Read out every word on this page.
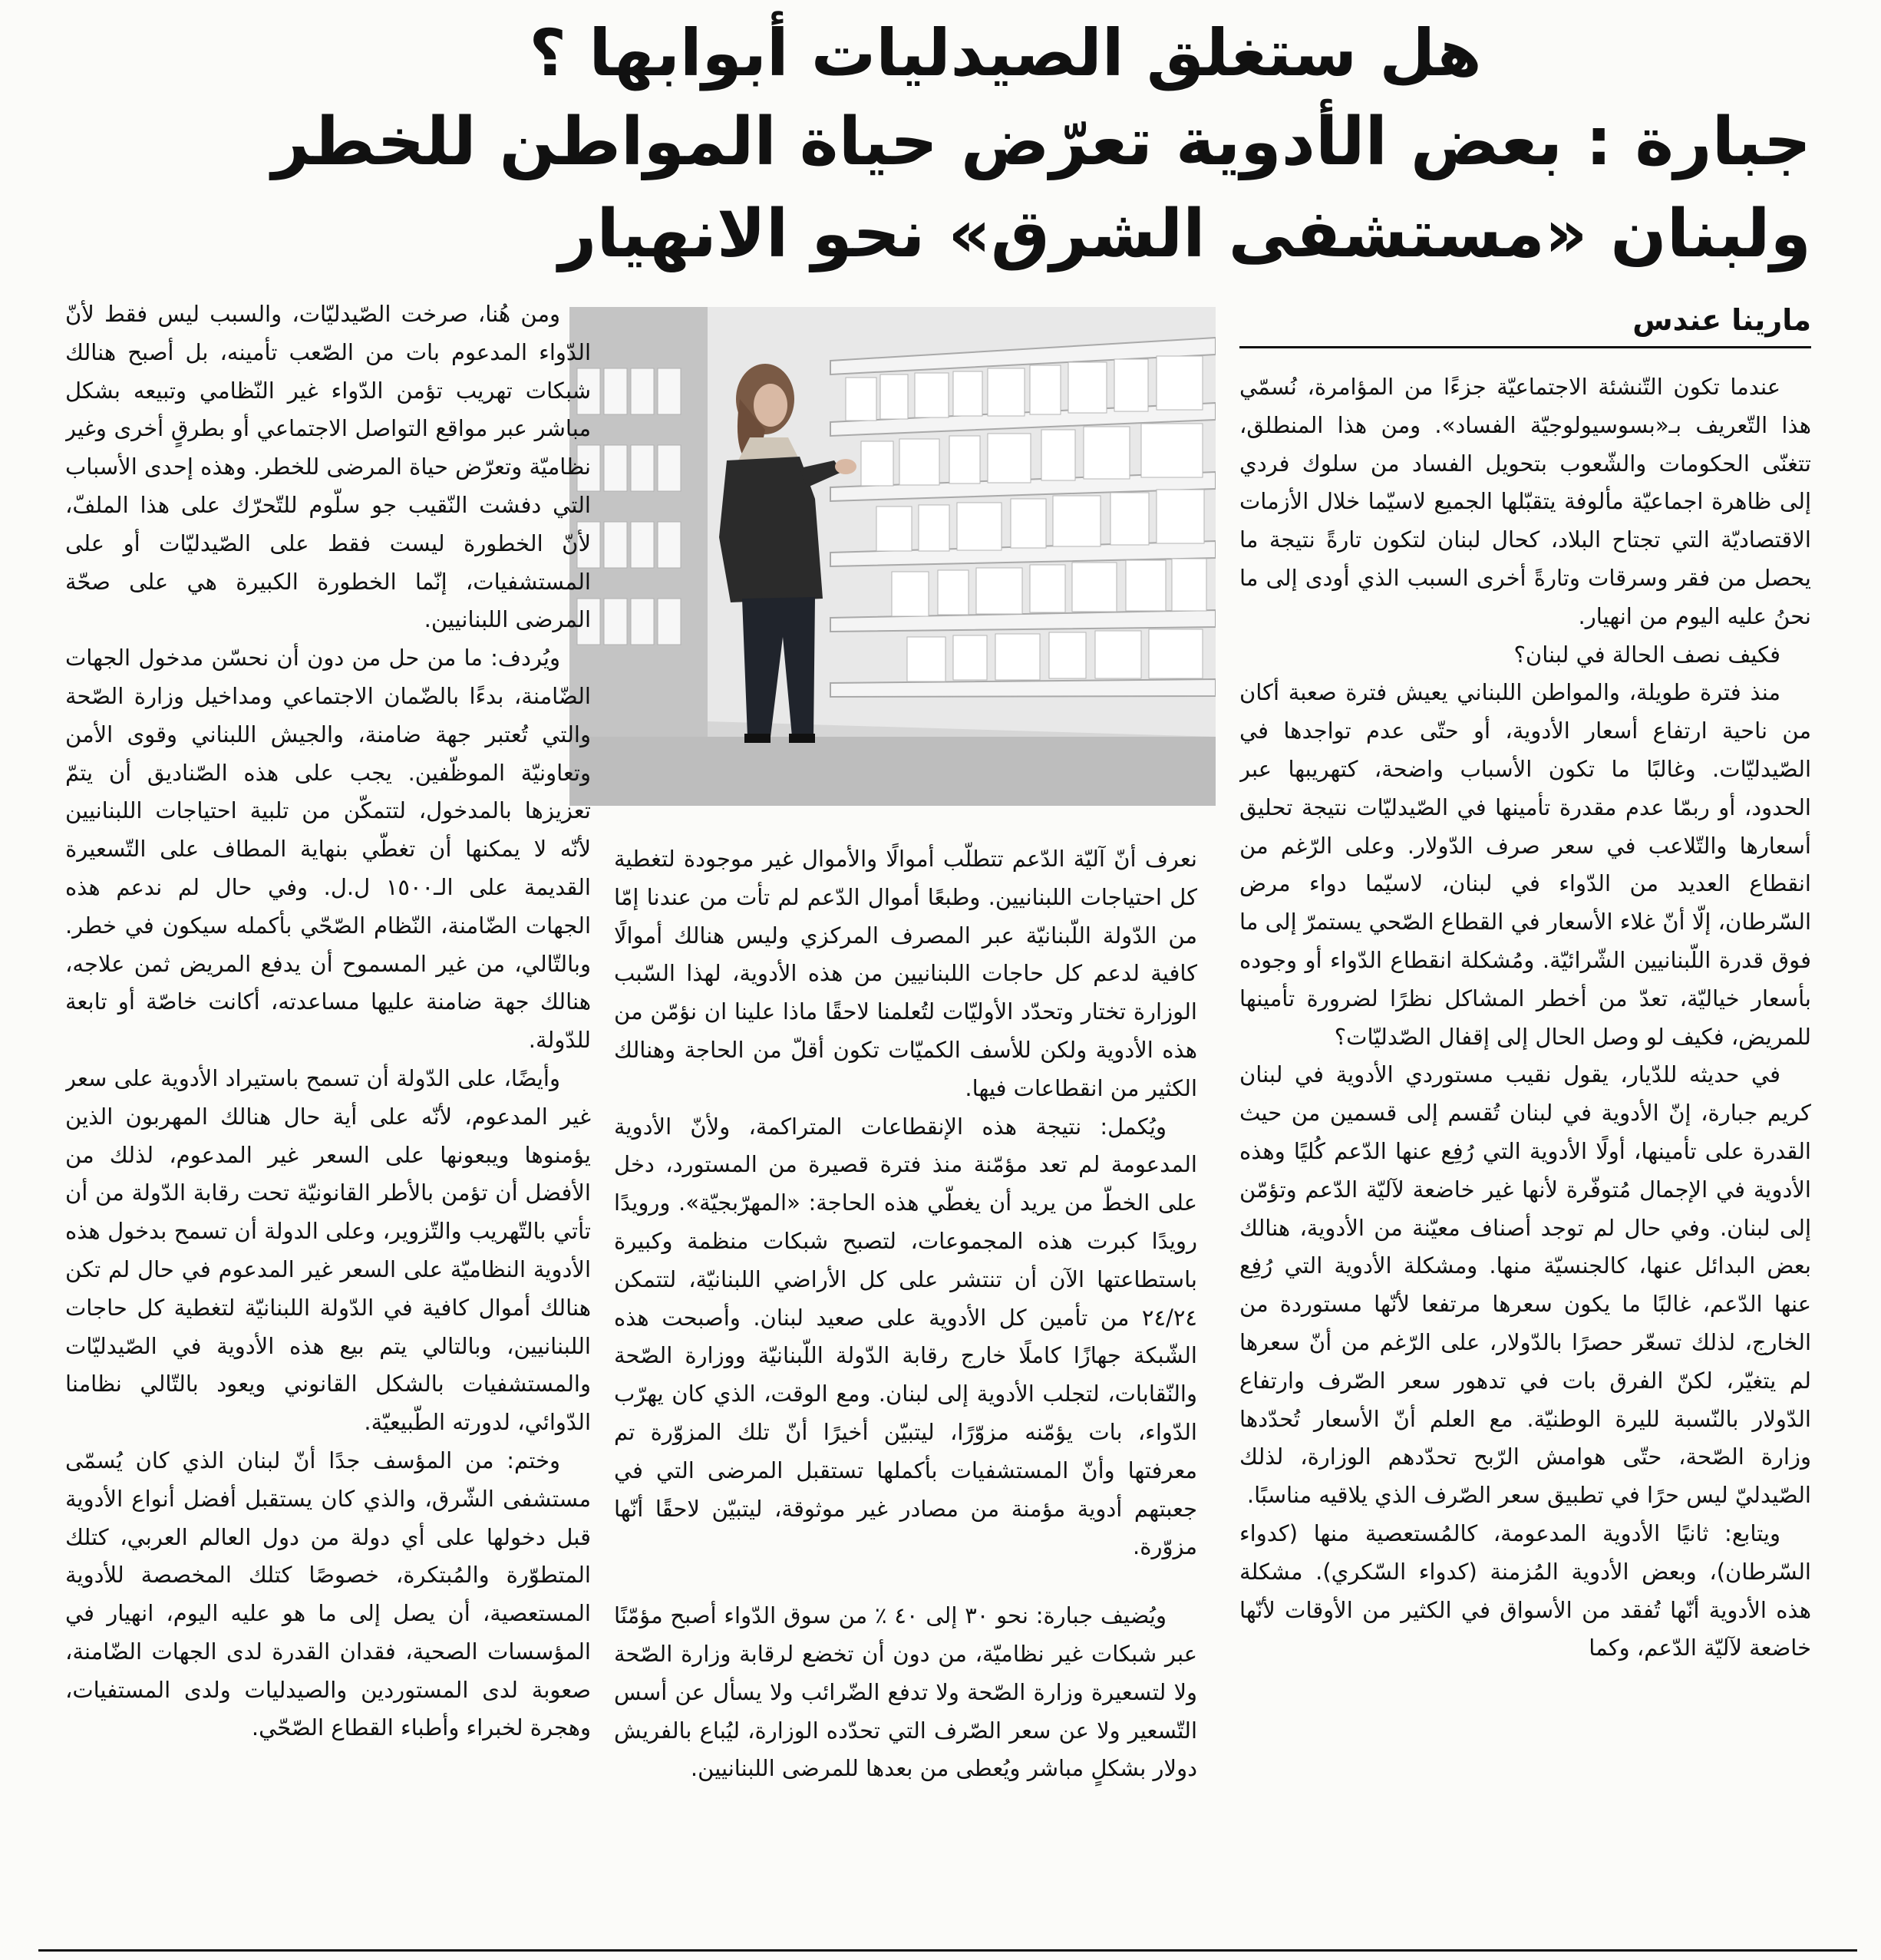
هل ستغلق الصيدليات أبوابها ؟
جبارة : بعض الأدوية تعرّض حياة المواطن للخطر
ولبنان «مستشفى الشرق» نحو الانهيار
مارينا عندس

عندما تكون التّنشئة الاجتماعيّة جزءًا من المؤامرة، نُسمّي هذا التّعريف بـ«بسوسيولوجيّة الفساد». ومن هذا المنطلق، تتغنّى الحكومات والشّعوب بتحويل الفساد من سلوك فردي إلى ظاهرة اجماعيّة مألوفة يتقبّلها الجميع لاسيّما خلال الأزمات الاقتصاديّة التي تجتاح البلاد، كحال لبنان لتكون تارةً نتيجة ما يحصل من فقر وسرقات وتارةً أخرى السبب الذي أودى إلى ما نحنُ عليه اليوم من انهيار.

فكيف نصف الحالة في لبنان؟

منذ فترة طويلة، والمواطن اللبناني يعيش فترة صعبة أكان من ناحية ارتفاع أسعار الأدوية، أو حتّى عدم تواجدها في الصّيدليّات. وغالبًا ما تكون الأسباب واضحة، كتهريبها عبر الحدود، أو ربمّا عدم مقدرة تأمينها في الصّيدليّات نتيجة تحليق أسعارها والتّلاعب في سعر صرف الدّولار. وعلى الرّغم من انقطاع العديد من الدّواء في لبنان، لاسيّما دواء مرض السّرطان، إلّا أنّ غلاء الأسعار في القطاع الصّحي يستمرّ إلى ما فوق قدرة اللّبنانيين الشّرائيّة. ومُشكلة انقطاع الدّواء أو وجوده بأسعار خياليّة، تعدّ من أخطر المشاكل نظرًا لضرورة تأمينها للمريض، فكيف لو وصل الحال إلى إقفال الصّدليّات؟

في حديثه للدّيار، يقول نقيب مستوردي الأدوية في لبنان كريم جبارة، إنّ الأدوية في لبنان تُقسم إلى قسمين من حيث القدرة على تأمينها، أولًا الأدوية التي رُفِع عنها الدّعم كُليًا وهذه الأدوية في الإجمال مُتوفّرة لأنها غير خاضعة لآليّة الدّعم وتؤمّن إلى لبنان. وفي حال لم توجد أصناف معيّنة من الأدوية، هنالك بعض البدائل عنها، كالجنسيّة منها. ومشكلة الأدوية التي رُفِع عنها الدّعم، غالبًا ما يكون سعرها مرتفعا لأنّها مستوردة من الخارج، لذلك تسعّر حصرًا بالدّولار، على الرّغم من أنّ سعرها لم يتغيّر، لكنّ الفرق بات في تدهور سعر الصّرف وارتفاع الدّولار بالنّسبة لليرة الوطنيّة. مع العلم أنّ الأسعار تُحدّدها وزارة الصّحة، حتّى هوامش الرّبح تحدّدهم الوزارة، لذلك الصّيدليّ ليس حرًا في تطبيق سعر الصّرف الذي يلاقيه مناسبًا.

ويتابع: ثانيًا الأدوية المدعومة، كالمُستعصية منها (كدواء السّرطان)، وبعض الأدوية المُزمنة (كدواء السّكري). مشكلة هذه الأدوية أنّها تُفقد من الأسواق في الكثير من الأوقات لأنّها خاضعة لآليّة الدّعم، وكما

نعرف أنّ آليّة الدّعم تتطلّب أموالًا والأموال غير موجودة لتغطية كل احتياجات اللبنانيين. وطبعًا أموال الدّعم لم تأت من عندنا إمّا من الدّولة اللّبنانيّة عبر المصرف المركزي وليس هنالك أموالًا كافية لدعم كل حاجات اللبنانيين من هذه الأدوية، لهذا السّبب الوزارة تختار وتحدّد الأوليّات لتُعلمنا لاحقًا ماذا علينا ان نؤمّن من هذه الأدوية ولكن للأسف الكميّات تكون أقلّ من الحاجة وهنالك الكثير من انقطاعات فيها.

ويُكمل: نتيجة هذه الإنقطاعات المتراكمة، ولأنّ الأدوية المدعومة لم تعد مؤمّنة منذ فترة قصيرة من المستورد، دخل على الخطّ من يريد أن يغطّي هذه الحاجة: «المهرّبجيّة». ورويدًا رويدًا كبرت هذه المجموعات، لتصبح شبكات منظمة وكبيرة باستطاعتها الآن أن تنتشر على كل الأراضي اللبنانيّة، لتتمكن ٢٤/٢٤ من تأمين كل الأدوية على صعيد لبنان. وأصبحت هذه الشّبكة جهازًا كاملًا خارج رقابة الدّولة اللّبنانيّة ووزارة الصّحة والنّقابات، لتجلب الأدوية إلى لبنان. ومع الوقت، الذي كان يهرّب الدّواء، بات يؤمّنه مزوّرًا، ليتبيّن أخيرًا أنّ تلك المزوّرة تم معرفتها وأنّ المستشفيات بأكملها تستقبل المرضى التي في جعبتهم أدوية مؤمنة من مصادر غير موثوقة، ليتبيّن لاحقًا أنّها مزوّرة.

ويُضيف جبارة: نحو ٣٠ إلى ٤٠ ٪ من سوق الدّواء أصبح مؤمّنًا عبر شبكات غير نظاميّة، من دون أن تخضع لرقابة وزارة الصّحة ولا لتسعيرة وزارة الصّحة ولا تدفع الضّرائب ولا يسأل عن أسس التّسعير ولا عن سعر الصّرف التي تحدّده الوزارة، ليُباع بالفريش دولار بشكلٍ مباشر ويُعطى من بعدها للمرضى اللبنانيين.

ومن هُنا، صرخت الصّيدليّات، والسبب ليس فقط لأنّ الدّواء المدعوم بات من الصّعب تأمينه، بل أصبح هنالك شبكات تهريب تؤمن الدّواء غير النّظامي وتبيعه بشكل مباشر عبر مواقع التواصل الاجتماعي أو بطرقٍ أخرى وغير نظاميّة وتعرّض حياة المرضى للخطر. وهذه إحدى الأسباب التي دفشت النّقيب جو سلّوم للتّحرّك على هذا الملفّ، لأنّ الخطورة ليست فقط على الصّيدليّات أو على المستشفيات، إنّما الخطورة الكبيرة هي على صحّة المرضى اللبنانيين.

ويُردف: ما من حل من دون أن نحسّن مدخول الجهات الضّامنة، بدءًا بالضّمان الاجتماعي ومداخيل وزارة الصّحة والتي تُعتبر جهة ضامنة، والجيش اللبناني وقوى الأمن وتعاونيّة الموظّفين. يجب على هذه الصّناديق أن يتمّ تعزيزها بالمدخول، لتتمكّن من تلبية احتياجات اللبنانيين لأنّه لا يمكنها أن تغطّي بنهاية المطاف على التّسعيرة القديمة على الـ١٥٠٠ ل.ل. وفي حال لم ندعم هذه الجهات الضّامنة، النّظام الصّحّي بأكمله سيكون في خطر. وبالتّالي، من غير المسموح أن يدفع المريض ثمن علاجه، هنالك جهة ضامنة عليها مساعدته، أكانت خاصّة أو تابعة للدّولة.

وأيضًا، على الدّولة أن تسمح باستيراد الأدوية على سعر غير المدعوم، لأنّه على أية حال هنالك المهربون الذين يؤمنوها ويبعونها على السعر غير المدعوم، لذلك من الأفضل أن تؤمن بالأطر القانونيّة تحت رقابة الدّولة من أن تأتي بالتّهريب والتّزوير، وعلى الدولة أن تسمح بدخول هذه الأدوية النظاميّة على السعر غير المدعوم في حال لم تكن هنالك أموال كافية في الدّولة اللبنانيّة لتغطية كل حاجات اللبنانيين، وبالتالي يتم بيع هذه الأدوية في الصّيدليّات والمستشفيات بالشكل القانوني ويعود بالتّالي نظامنا الدّوائي، لدورته الطّبيعيّة.

وختم: من المؤسف جدًا أنّ لبنان الذي كان يُسمّى مستشفى الشّرق، والذي كان يستقبل أفضل أنواع الأدوية قبل دخولها على أي دولة من دول العالم العربي، كتلك المتطوّرة والمُبتكرة، خصوصًا كتلك المخصصة للأدوية المستعصية، أن يصل إلى ما هو عليه اليوم، انهيار في المؤسسات الصحية، فقدان القدرة لدى الجهات الضّامنة، صعوبة لدى المستوردين والصيدليات ولدى المستفيات، وهجرة لخبراء وأطباء القطاع الصّحّي.
